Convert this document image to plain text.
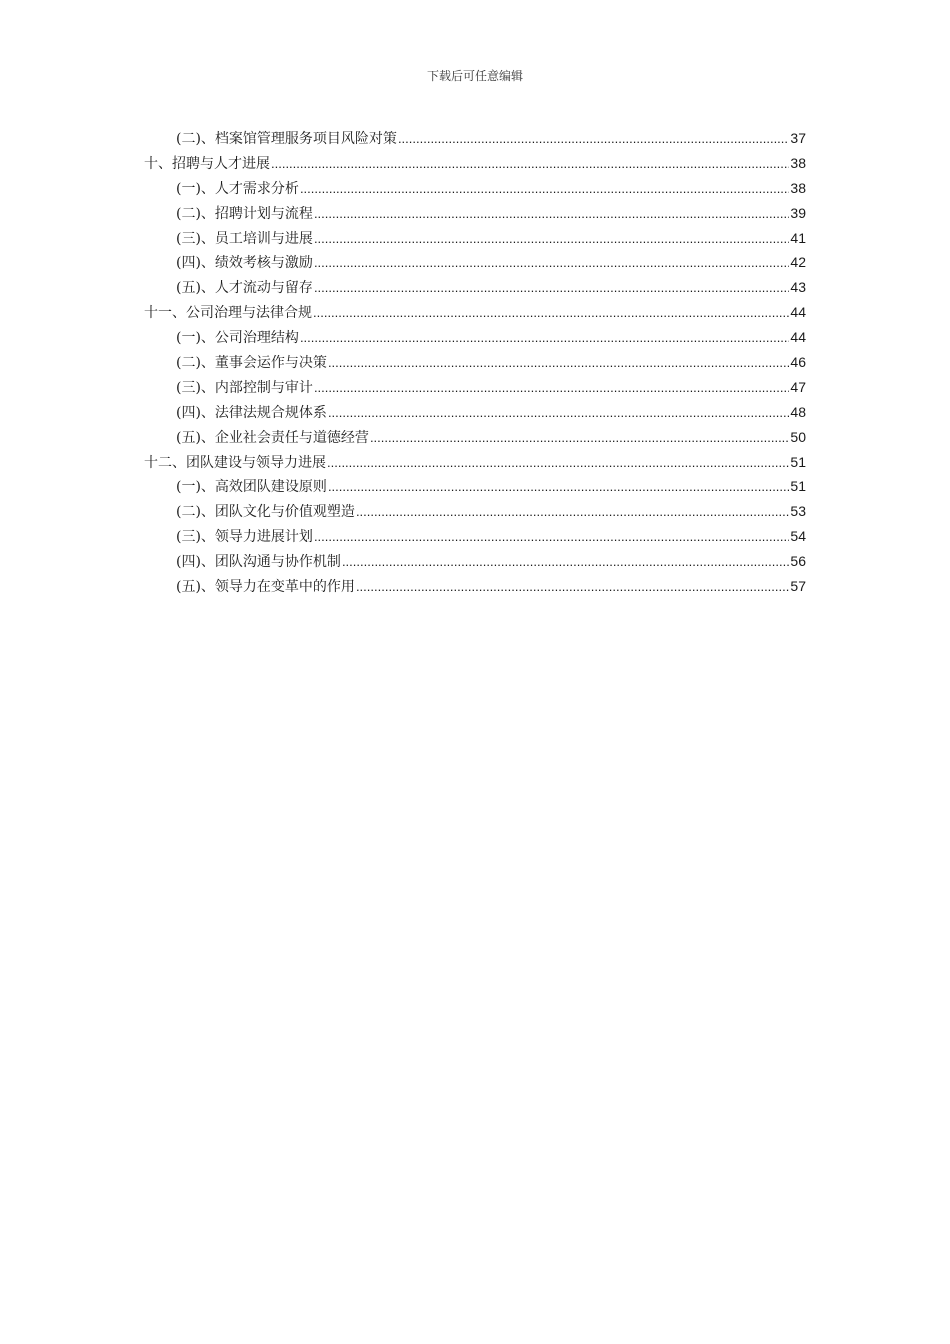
下载后可任意编辑
(二)、档案馆管理服务项目风险对策 .....	37
十、招聘与人才进展 .....	38
(一)、人才需求分析 .....	38
(二)、招聘计划与流程 .....	39
(三)、员工培训与进展 .....	41
(四)、绩效考核与激励 .....	42
(五)、人才流动与留存 .....	43
十一、公司治理与法律合规 .....	44
(一)、公司治理结构 .....	44
(二)、董事会运作与决策 .....	46
(三)、内部控制与审计 .....	47
(四)、法律法规合规体系 .....	48
(五)、企业社会责任与道德经营 .....	50
十二、团队建设与领导力进展 .....	51
(一)、高效团队建设原则 .....	51
(二)、团队文化与价值观塑造 .....	53
(三)、领导力进展计划 .....	54
(四)、团队沟通与协作机制 .....	56
(五)、领导力在变革中的作用 .....	57
